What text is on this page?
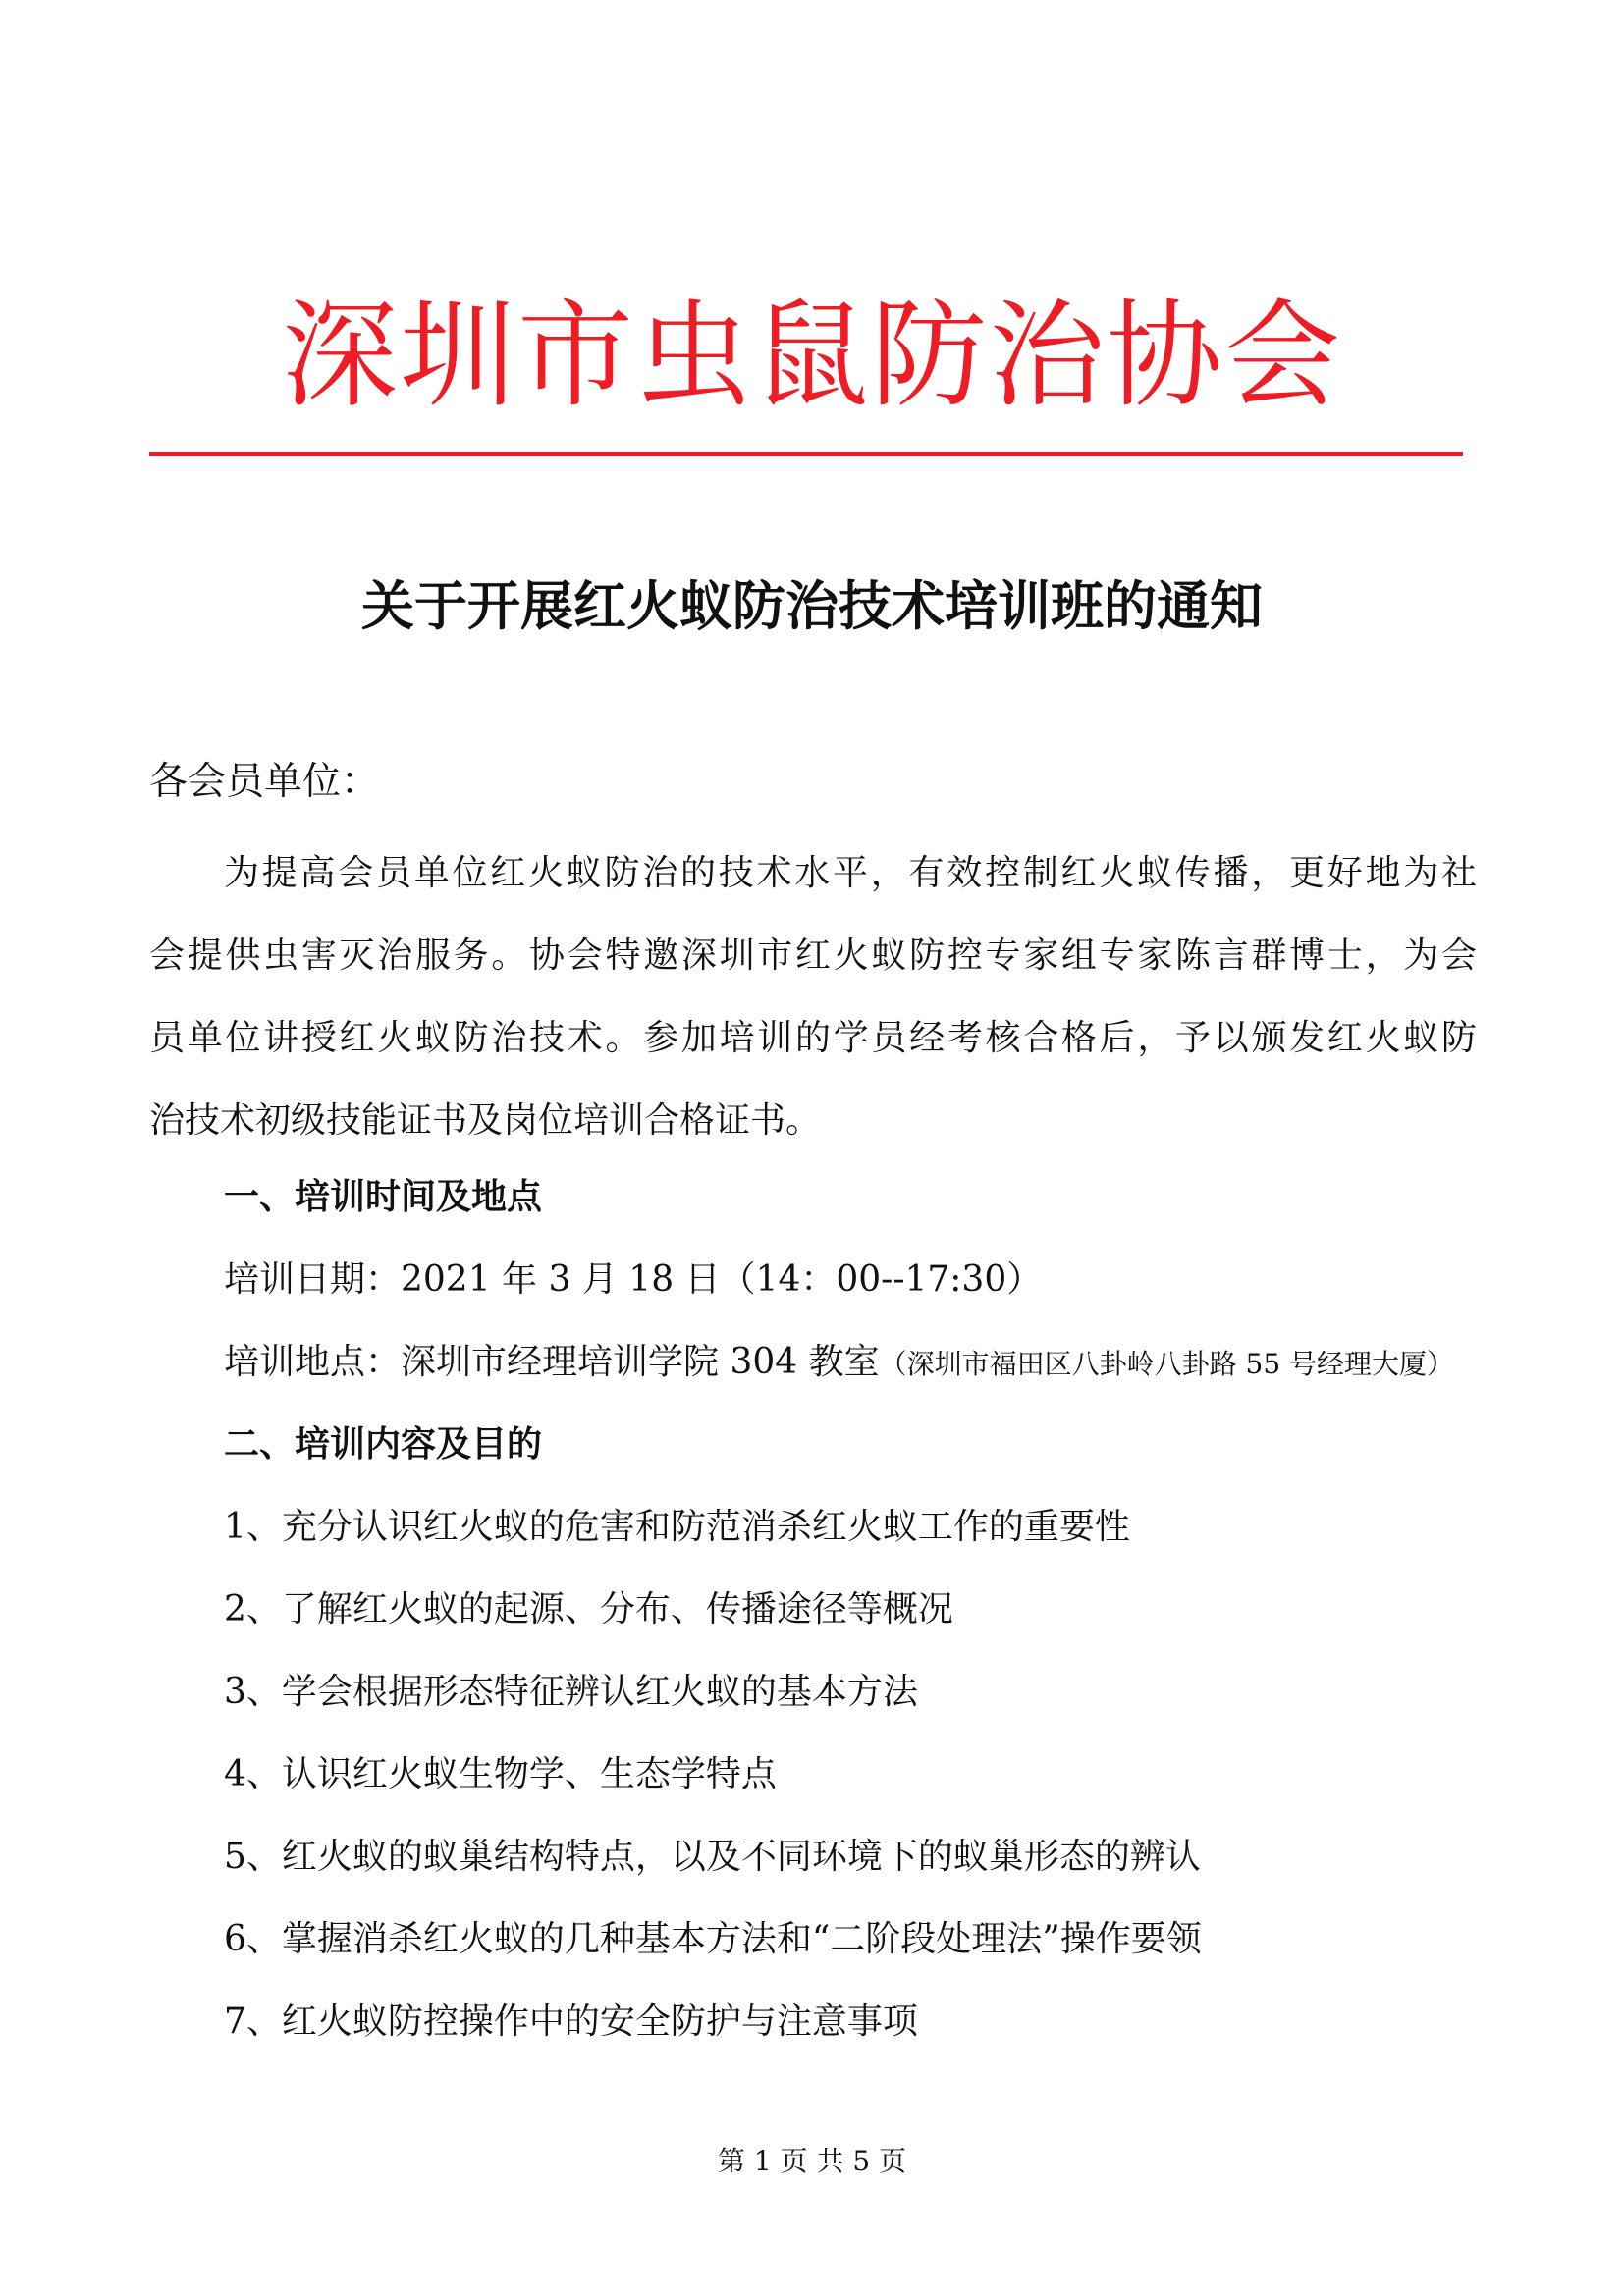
深圳市虫鼠防治协会
关于开展红火蚁防治技术培训班的通知
各会员单位：
为提高会员单位红火蚁防治的技术水平，有效控制红火蚁传播，更好地为社
会提供虫害灭治服务。协会特邀深圳市红火蚁防控专家组专家陈言群博士，为会
员单位讲授红火蚁防治技术。参加培训的学员经考核合格后，予以颁发红火蚁防
治技术初级技能证书及岗位培训合格证书。
一、培训时间及地点
培训日期：2021 年 3 月 18 日（14：00--17:30）
培训地点：深圳市经理培训学院 304 教室（深圳市福田区八卦岭八卦路 55 号经理大厦）
二、培训内容及目的
1、充分认识红火蚁的危害和防范消杀红火蚁工作的重要性
2、了解红火蚁的起源、分布、传播途径等概况
3、学会根据形态特征辨认红火蚁的基本方法
4、认识红火蚁生物学、生态学特点
5、红火蚁的蚁巢结构特点，以及不同环境下的蚁巢形态的辨认
6、掌握消杀红火蚁的几种基本方法和“二阶段处理法”操作要领
7、红火蚁防控操作中的安全防护与注意事项
第 1 页 共 5 页
